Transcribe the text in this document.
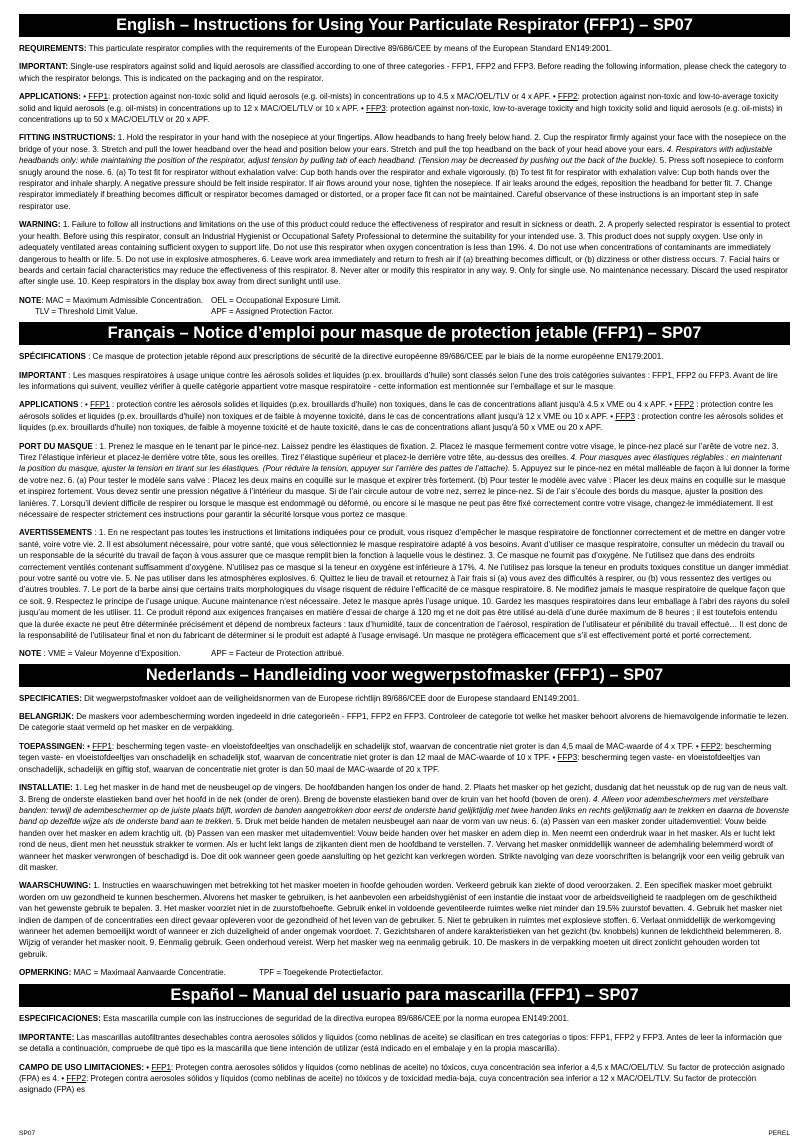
English – Instructions for Using Your Particulate Respirator (FFP1) – SP07

REQUIREMENTS: This particulate respirator complies with the requirements of the European Directive 89/686/CEE by means of the European Standard EN149:2001.

IMPORTANT: Single-use respirators against solid and liquid aerosols are classified according to one of three categories - FFP1, FFP2 and FFP3. Before reading the following information, please check the category to which the respirator belongs. This is indicated on the packaging and on the respirator.

APPLICATIONS: • FFP1: protection against non-toxic solid and liquid aerosols (e.g. oil-mists) in concentrations up to 4.5 x MAC/OEL/TLV or 4 x APF. • FFP2: protection against non-toxic and low-to-average toxicity solid and liquid aerosols (e.g. oil-mists) in concentrations up to 12 x MAC/OEL/TLV or 10 x APF. • FFP3: protection against non-toxic, low-to-average toxicity and high toxicity solid and liquid aerosols (e.g. oil-mists) in concentrations up to 50 x MAC/OEL/TLV or 20 x APF.

FITTING INSTRUCTIONS: 1. Hold the respirator in your hand with the nosepiece at your fingertips. Allow headbands to hang freely below hand. 2. Cup the respirator firmly against your face with the nosepiece on the bridge of your nose. 3. Stretch and pull the lower headband over the head and position below your ears. Stretch and pull the top headband on the back of your head above your ears. 4. Respirators with adjustable headbands only: while maintaining the position of the respirator, adjust tension by pulling tab of each headband. (Tension may be decreased by pushing out the back of the buckle). 5. Press soft nosepiece to conform snugly around the nose. 6. (a) To test fit for respirator without exhalation valve: Cup both hands over the respirator and exhale vigorously. (b) To test fit for respirator with exhalation valve: Cup both hands over the respirator and inhale sharply. A negative pressure should be felt inside respirator. If air flows around your nose, tighten the nosepiece. If air leaks around the edges, reposition the headband for better fit. 7. Change respirator immediately if breathing becomes difficult or respirator becomes damaged or distorted, or a proper face fit can not be maintained. Careful observance of these instructions is an important step in safe respirator use.

WARNING: 1. Failure to follow all instructions and limitations on the use of this product could reduce the effectiveness of respirator and result in sickness or death. 2. A properly selected respirator is essential to protect your health. Before using this respirator, consult an Industrial Hygienist or Occupational Safety Professional to determine the suitability for your intended use. 3. This product does not supply oxygen. Use only in adequately ventilated areas containing sufficient oxygen to support life. Do not use this respirator when oxygen concentration is less than 19%. 4. Do not use when concentrations of contaminants are immediately dangerous to health or life. 5. Do not use in explosive atmospheres. 6. Leave work area immediately and return to fresh air if (a) breathing becomes difficult, or (b) dizziness or other distress occurs. 7. Facial hairs or beards and certain facial characteristics may reduce the effectiveness of this respirator. 8. Never alter or modify this respirator in any way. 9. Only for single use. No maintenance necessary. Discard the used respirator after single use. 10. Keep respirators in the display box away from direct sunlight until use.

NOTE: MAC = Maximum Admissible Concentration. OEL = Occupational Exposure Limit.
TLV = Threshold Limit Value.	APF = Assigned Protection Factor.
Français – Notice d’emploi pour masque de protection jetable (FFP1) – SP07

SPÉCIFICATIONS : Ce masque de protection jetable répond aux prescriptions de sécurité de la directive européenne 89/686/CEE par le biais de la norme européenne EN179:2001.

IMPORTANT : Les masques respiratoires à usage unique contre les aérosols solides et liquides (p.ex. brouillards d’huile) sont classés selon l’une des trois catégories suivantes : FFP1, FFP2 ou FFP3. Avant de lire les informations qui suivent, veuillez vérifier à quelle catégorie appartient votre masque respiratoire - cette information est mentionnée sur l’emballage et sur le masque.

APPLICATIONS : • FFP1 : protection contre les aérosols solides et liquides (p.ex. brouillards d'huile) non toxiques, dans le cas de concentrations allant jusqu'à 4.5 x VME ou 4 x APF. • FFP2 : protection contre les aérosols solides et liquides (p.ex. brouillards d'huile) non toxiques et de faible à moyenne toxicité, dans le cas de concentrations allant jusqu'à 12 x VME ou 10 x APF. • FFP3 : protection contre les aérosols solides et liquides (p.ex. brouillards d'huile) non toxiques, de faible à moyenne toxicité et de haute toxicité, dans le cas de concentrations allant jusqu'à 50 x VME ou 20 x APF.

PORT DU MASQUE : 1. Prenez le masque en le tenant par le pince-nez. Laissez pendre les élastiques de fixation. 2. Placez le masque fermement contre votre visage, le pince-nez placé sur l’arête de votre nez. 3. Tirez l’élastique inférieur et placez-le derrière votre tête, sous les oreilles. Tirez l’élastique supérieur et placez-le derrière votre tête, au-dessus des oreilles. 4. Pour masques avec élastiques réglables : en maintenant la position du masque, ajuster la tension en tirant sur les élastiques. (Pour réduire la tension, appuyer sur l’arrière des pattes de l’attache). 5. Appuyez sur le pince-nez en métal malléable de façon à lui donner la forme de votre nez. 6. (a) Pour tester le modèle sans valve : Placez les deux mains en coquille sur le masque et expirer très fortement. (b) Pour tester le modèle avec valve : Placer les deux mains en coquille sur le masque et inspirez fortement. Vous devez sentir une pression négative à l’intérieur du masque. Si de l’air circule autour de votre nez, serrez le pince-nez. Si de l’air s’écoule des bords du masque, ajuster la position des lanières. 7. Lorsqu’il devient difficile de respirer ou lorsque le masque est endommagé ou déformé, ou encore si le masque ne peut pas être fixé correctement contre votre visage, changez-le immédiatement. Il est nécessaire de respecter strictement ces instructions pour garantir la sécurité lorsque vous portez ce masque.

AVERTISSEMENTS : 1. En ne respectant pas toutes les instructions et limitations indiquées pour ce produit, vous risquez d’empêcher le masque respiratoire de fonctionner correctement et de mettre en danger votre santé, voire votre vie. 2. Il est absolument nécessaire, pour votre santé, que vous sélectionniez le masque respiratoire adapté à vos besoins. Avant d’utiliser ce masque respiratoire, consulter un médecin du travail ou un responsable de la sécurité du travail de façon à vous assurer que ce masque remplit bien la fonction à laquelle vous le destinez. 3. Ce masque ne fournit pas d’oxygène. Ne l’utilisez que dans des endroits correctement ventilés contenant suffisamment d’oxygène. N’utilisez pas ce masque si la teneur en oxygène est inférieure à 17%. 4. Ne l’utilisez pas lorsque la teneur en produits toxiques constitue un danger immédiat pour votre santé ou votre vie. 5. Ne pas utiliser dans les atmosphères explosives. 6. Quittez le lieu de travail et retournez à l’air frais si (a) vous avez des difficultés à respirer, ou (b) vous ressentez des vertiges ou d’autres troubles. 7. Le port de la barbe ainsi que certains traits morphologiques du visage risquent de réduire l’efficacité de ce masque respiratoire. 8. Ne modifiez jamais le masque respiratoire de quelque façon que ce soit. 9. Respectez le principe de l’usage unique. Aucune maintenance n’est nécessaire. Jetez le masque après l’usage unique. 10. Gardez les masques respiratoires dans leur emballage à l’abri des rayons du soleil jusqu’au moment de les utiliser. 11. Ce produit répond aux exigences françaises en matière d’essai de charge à 120 mg et ne doit pas être utilisé au-delà d’une durée maximum de 8 heures ; il est toutefois entendu que la durée exacte ne peut être déterminée précisément et dépend de nombreux facteurs : taux d’humidité, taux de concentration de l’aérosol, respiration de l’utilisateur et pénibilité du travail effectué… Il est donc de la responsabilité de l’utilisateur final et non du fabricant de déterminer si le produit est adapté à l’usage envisagé. Un masque ne protégera efficacement que s’il est effectivement porté et porté correctement.

NOTE : VME = Valeur Moyenne d’Exposition.	APF = Facteur de Protection attribué.
Nederlands – Handleiding voor wegwerpstofmasker (FFP1) – SP07

SPECIFICATIES: Dit wegwerpstofmasker voldoet aan de veiligheidsnormen van de Europese richtlijn 89/686/CEE door de Europese standaard EN149:2001.

BELANGRIJK: De maskers voor adembescherming worden ingedeeld in drie categorieën - FFP1, FFP2 en FFP3. Controleer de categorie tot welke het masker behoort alvorens de hiemavolgende informatie te lezen. De categorie staat vermeld op het masker en de verpakking.

TOEPASSINGEN: • FFP1: bescherming tegen vaste- en vloeistofdeeltjes van onschadelijk en schadelijk stof, waarvan de concentratie niet groter is dan 4,5 maal de MAC-waarde of 4 x TPF. • FFP2: bescherming tegen vaste- en vloeistofdeeltjes van onschadelijk en schadelijk stof, waarvan de concentratie niet groter is dan 12 maal de MAC-waarde of 10 x TPF. • FFP3: bescherming tegen vaste- en vloeistofdeeltjes van onschadelijk, schadelijk en giftig stof, waarvan de concentratie niet groter is dan 50 maal de MAC-waarde of 20 x TPF.

INSTALLATIE: 1. Leg het masker in de hand met de neusbeugel op de vingers. De hoofdbanden hangen los onder de hand. 2. Plaats het masker op het gezicht, dusdanig dat het neusstuk op de rug van de neus valt. 3. Breng de onderste elastieken band over het hoofd in de nek (onder de oren). Breng de bovenste elastieken band over de kruin van het hoofd (boven de oren). 4. Alleen voor adembeschermers met verstelbare banden: terwijl de adembeschermer op de juiste plaats blijft, worden de banden aangetrokken door eerst de onderste band gelijktijdig met twee handen links en rechts gelijkmatig aan te trekken en daarna de bovenste band op dezelfde wijze als de onderste band aan te trekken. 5. Druk met beide handen de metalen neusbeugel aan naar de vorm van uw neus. 6. (a) Passen van een masker zonder uitademventiel: Vouw beide handen over het masker en adem krachtig uit. (b) Passen van een masker met uitademventiel: Vouw beide handen over het masker en adem diep in. Men neemt een onderdruk waar in het masker. Als er lucht lekt rond de neus, dient men het neusstuk strakker te vormen. Als er lucht lekt langs de zijkanten dient men de hoofdband te verstellen. 7. Vervang het masker onmiddellijk wanneer de ademhaling belemmerd wordt of wanneer het masker verwrongen of beschadigd is. Doe dit ook wanneer geen goede aansluiting op het gezicht kan verkregen worden. Strikte navolging van deze voorschriften is belangrijk voor een veilig gebruik van dit masker.

WAARSCHUWING: 1. Instructies en waarschuwingen met betrekking tot het masker moeten in hoofde gehouden worden. Verkeerd gebruik kan ziekte of dood veroorzaken. 2. Een specifiek masker moet gebruikt worden om uw gezondheid te kunnen beschermen. Alvorens het masker te gebruiken, is het aanbevolen een arbeidshygiënist of een instantie die instaat voor de arbeidsveiligheid te raadplegen om de geschiktheid van het gewenste gebruik te bepalen. 3. Het masker voorziet niet in de zuurstofbehoefte. Gebruik enkel in voldoende geventileerde ruimtes welke niet minder dan 19.5% zuurstof bevatten. 4. Gebruik het masker niet indien de dampen of de concentraties een direct gevaar opleveren voor de gezondheid of het leven van de gebruiker. 5. Niet te gebruiken in ruimtes met explosieve stoffen. 6. Verlaat onmiddellijk de werkomgeving wanneer het ademen bemoeilijkt wordt of wanneer er zich duizeligheid of ander ongemak voordoet. 7. Gezichtsharen of andere karakteristieken van het gezicht (bv. knobbels) kunnen de lekdichtheid belemmeren. 8. Wijzig of verander het masker nooit. 9. Eenmalig gebruik. Geen onderhoud vereist. Werp het masker weg na eenmalig gebruik. 10. De maskers in de verpakking moeten uit direct zonlicht gehouden worden tot gebruik.

OPMERKING: MAC = Maximaal Aanvaarde Concentratie.	TPF = Toegekende Protectiefactor.
Español – Manual del usuario para mascarilla (FFP1) – SP07

ESPECIFICACIONES: Esta mascarilla cumple con las instrucciones de seguridad de la directiva europea 89/686/CEE por la norma europea EN149:2001.

IMPORTANTE: Las mascarillas autofiltrantes desechables contra aerosoles sólidos y líquidos (como neblinas de aceite) se clasifican en tres categorías o tipos: FFP1, FFP2 y FFP3. Antes de leer la información que se detalla a continuación, compruebe de qué tipo es la mascarilla que tiene intención de utilizar (está indicado en el embalaje y en la propia mascarilla).

CAMPO DE USO LIMITACIONES: • FFP1: Protegen contra aerosoles sólidos y líquidos (como neblinas de aceite) no tóxicos, cuya concentración sea inferior a 4,5 x MAC/OEL/TLV. Su factor de protección asignado (FPA) es 4. • FFP2: Protegen contra aerosoles sólidos y líquidos (como neblinas de aceite) no tóxicos y de toxicidad media-baja, cuya concentración sea inferior a 12 x MAC/OEL/TLV. Su factor de protección asignado (FPA) es

SP07	PEREL
